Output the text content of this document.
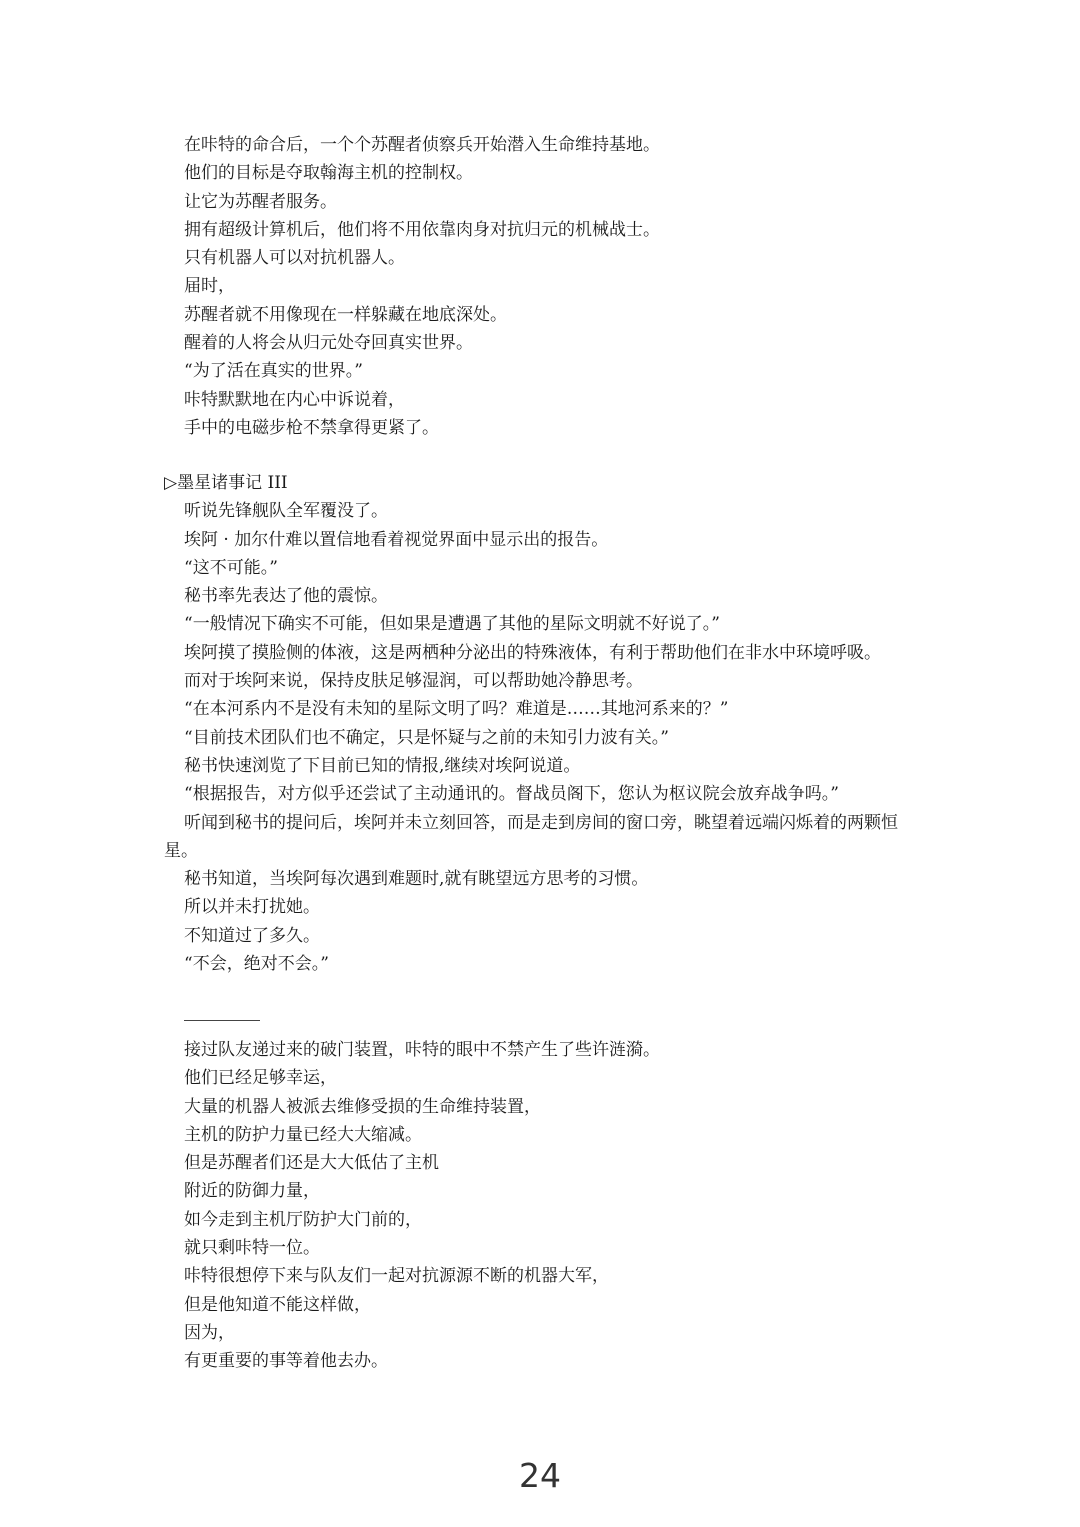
在咔特的命合后，一个个苏醒者侦察兵开始潜入生命维持基地。
他们的目标是夺取翰海主机的控制权。
让它为苏醒者服务。
拥有超级计算机后，他们将不用依靠肉身对抗归元的机械战士。
只有机器人可以对抗机器人。
届时，
苏醒者就不用像现在一样躲藏在地底深处。
醒着的人将会从归元处夺回真实世界。
“为了活在真实的世界。”
咔特默默地在内心中诉说着，
手中的电磁步枪不禁拿得更紧了。
▷墨星诸事记 III
听说先锋舰队全军覆没了。
埃阿 · 加尔什难以置信地看着视觉界面中显示出的报告。
“这不可能。”
秘书率先表达了他的震惊。
“一般情况下确实不可能，但如果是遭遇了其他的星际文明就不好说了。”
埃阿摸了摸脸侧的体液，这是两栖种分泌出的特殊液体，有利于帮助他们在非水中环境呼吸。
而对于埃阿来说，保持皮肤足够湿润，可以帮助她冷静思考。
“在本河系内不是没有未知的星际文明了吗？难道是……其地河系来的？”
“目前技术团队们也不确定，只是怀疑与之前的未知引力波有关。”
秘书快速浏览了下目前已知的情报,继续对埃阿说道。
“根据报告，对方似乎还尝试了主动通讯的。督战员阁下，您认为枢议院会放弃战争吗。”
听闻到秘书的提问后，埃阿并未立刻回答，而是走到房间的窗口旁，眺望着远端闪烁着的两颗恒星。
秘书知道，当埃阿每次遇到难题时,就有眺望远方思考的习惯。
所以并未打扰她。
不知道过了多久。
“不会，绝对不会。”
接过队友递过来的破门装置，咔特的眼中不禁产生了些许涟漪。
他们已经足够幸运，
大量的机器人被派去维修受损的生命维持装置，
主机的防护力量已经大大缩减。
但是苏醒者们还是大大低估了主机
附近的防御力量，
如今走到主机厅防护大门前的，
就只剩咔特一位。
咔特很想停下来与队友们一起对抗源源不断的机器大军，
但是他知道不能这样做，
因为，
有更重要的事等着他去办。
24
